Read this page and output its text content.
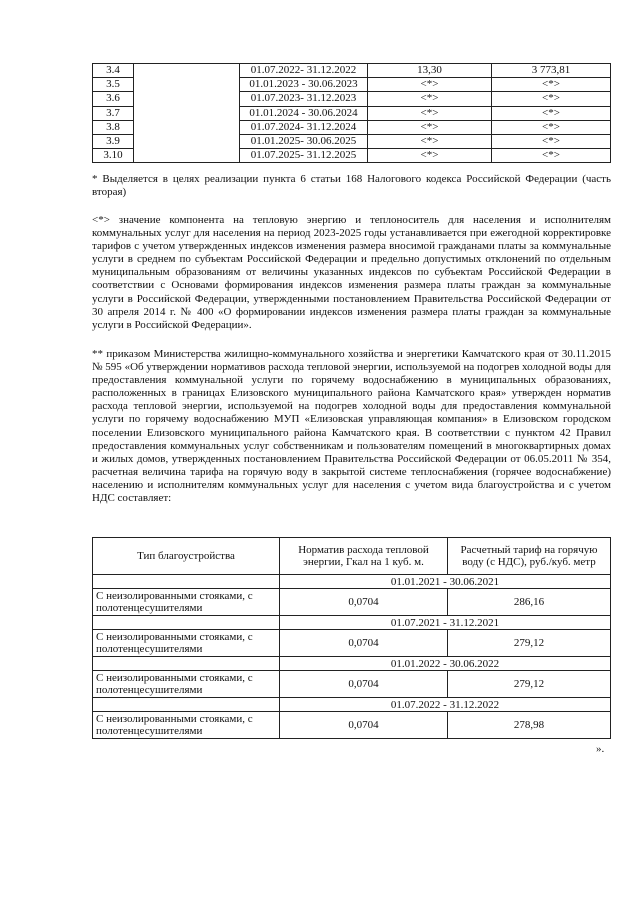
3.4		01.07.2022- 31.12.2022	13,30	3 773,81
3.5		01.01.2023 - 30.06.2023	<*>	<*>
3.6		01.07.2023- 31.12.2023	<*>	<*>
3.7		01.01.2024 - 30.06.2024	<*>	<*>
3.8		01.07.2024- 31.12.2024	<*>	<*>
3.9		01.01.2025- 30.06.2025	<*>	<*>
3.10		01.07.2025- 31.12.2025	<*>	<*>
* Выделяется в целях реализации пункта 6 статьи 168 Налогового кодекса Российской Федерации (часть вторая)
<*> значение компонента на тепловую энергию и теплоноситель для населения и исполнителям коммунальных услуг для населения на период 2023-2025 годы устанавливается при ежегодной корректировке тарифов с учетом утвержденных индексов изменения размера вносимой гражданами платы за коммунальные услуги в среднем по субъектам Российской Федерации и предельно допустимых отклонений по отдельным муниципальным образованиям от величины указанных индексов по субъектам Российской Федерации в соответствии с Основами формирования индексов изменения размера платы граждан за коммунальные услуги в Российской Федерации, утвержденными постановлением Правительства Российской Федерации от 30 апреля 2014 г. № 400 «О формировании индексов изменения размера платы граждан за коммунальные услуги в Российской Федерации».
** приказом Министерства жилищно-коммунального хозяйства и энергетики Камчатского края от 30.11.2015 № 595 «Об утверждении нормативов расхода тепловой энергии, используемой на подогрев холодной воды для предоставления коммунальной услуги по горячему водоснабжению в муниципальных образованиях, расположенных в границах Елизовского муниципального района Камчатского края» утвержден норматив расхода тепловой энергии, используемой на подогрев холодной воды для предоставления коммунальной услуги по горячему водоснабжению МУП «Елизовская управляющая компания» в Елизовском городском поселении Елизовского муниципального района Камчатского края. В соответствии с пунктом 42 Правил предоставления коммунальных услуг собственникам и пользователям помещений в многоквартирных домах и жилых домов, утвержденных постановлением Правительства Российской Федерации от 06.05.2011 № 354, расчетная величина тарифа на горячую воду в закрытой системе теплоснабжения (горячее водоснабжение) населению и исполнителям коммунальных услуг для населения с учетом вида благоустройства и с учетом НДС составляет:
Тип благоустройства	Норматив расхода тепловой энергии, Гкал на 1 куб. м.	Расчетный тариф на горячую воду (с НДС), руб./куб. метр
	01.01.2021 - 30.06.2021	
С неизолированными стояками, с полотенцесушителями	0,0704	286,16
	01.07.2021 - 31.12.2021	
С неизолированными стояками, с полотенцесушителями	0,0704	279,12
	01.01.2022 - 30.06.2022	
С неизолированными стояками, с полотенцесушителями	0,0704	279,12
	01.07.2022 - 31.12.2022	
С неизолированными стояками, с полотенцесушителями	0,0704	278,98
».
